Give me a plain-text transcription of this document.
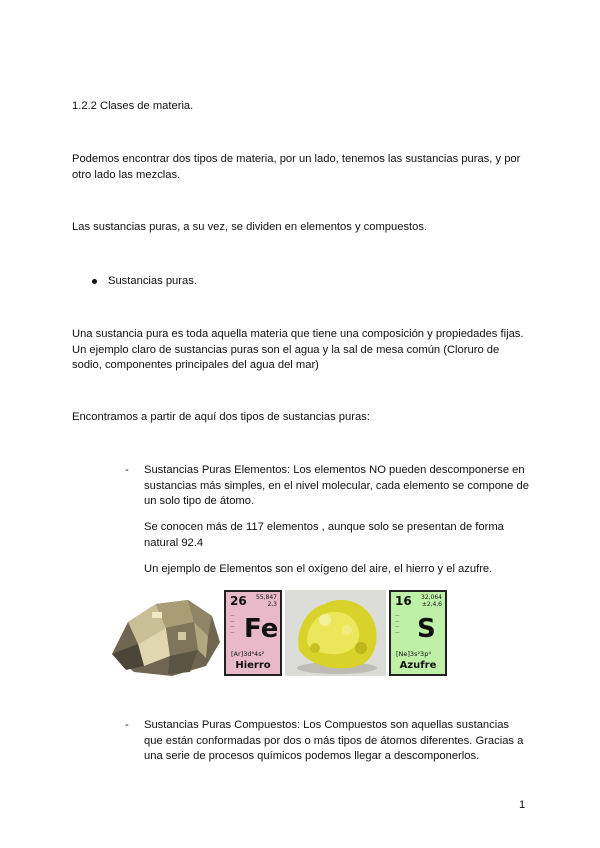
1.2.2 Clases de materia.
Podemos encontrar dos tipos de materia, por un lado, tenemos las sustancias puras, y por otro lado las mezclas.
Las sustancias puras, a su vez, se dividen en elementos y compuestos.
Sustancias puras.
Una sustancia pura es toda aquella materia que tiene una composición y propiedades fijas. Un ejemplo claro de sustancias puras son el agua y la sal de mesa común (Cloruro de sodio, componentes principales del agua del mar)
Encontramos a partir de aquí dos tipos de sustancias puras:
- Sustancias Puras Elementos: Los elementos NO pueden descomponerse en sustancias más simples, en el nivel molecular, cada elemento se compone de un solo tipo de átomo.
Se conocen más de 117 elementos , aunque solo se presentan de forma natural 92.4
Un ejemplo de Elementos son el oxígeno del aire, el hierro y el azufre.
26 55,847
2,3
—
—
—
— Fe
[Ar]3d⁶4s²
Hierro
16 32,064
±2,4,6
—
—
—
— S
[Ne]3s²3p⁴
Azufre
- Sustancias Puras Compuestos: Los Compuestos son aquellas sustancias que están conformadas por dos o más tipos de átomos diferentes. Gracias a una serie de procesos químicos podemos llegar a descomponerlos.
1
